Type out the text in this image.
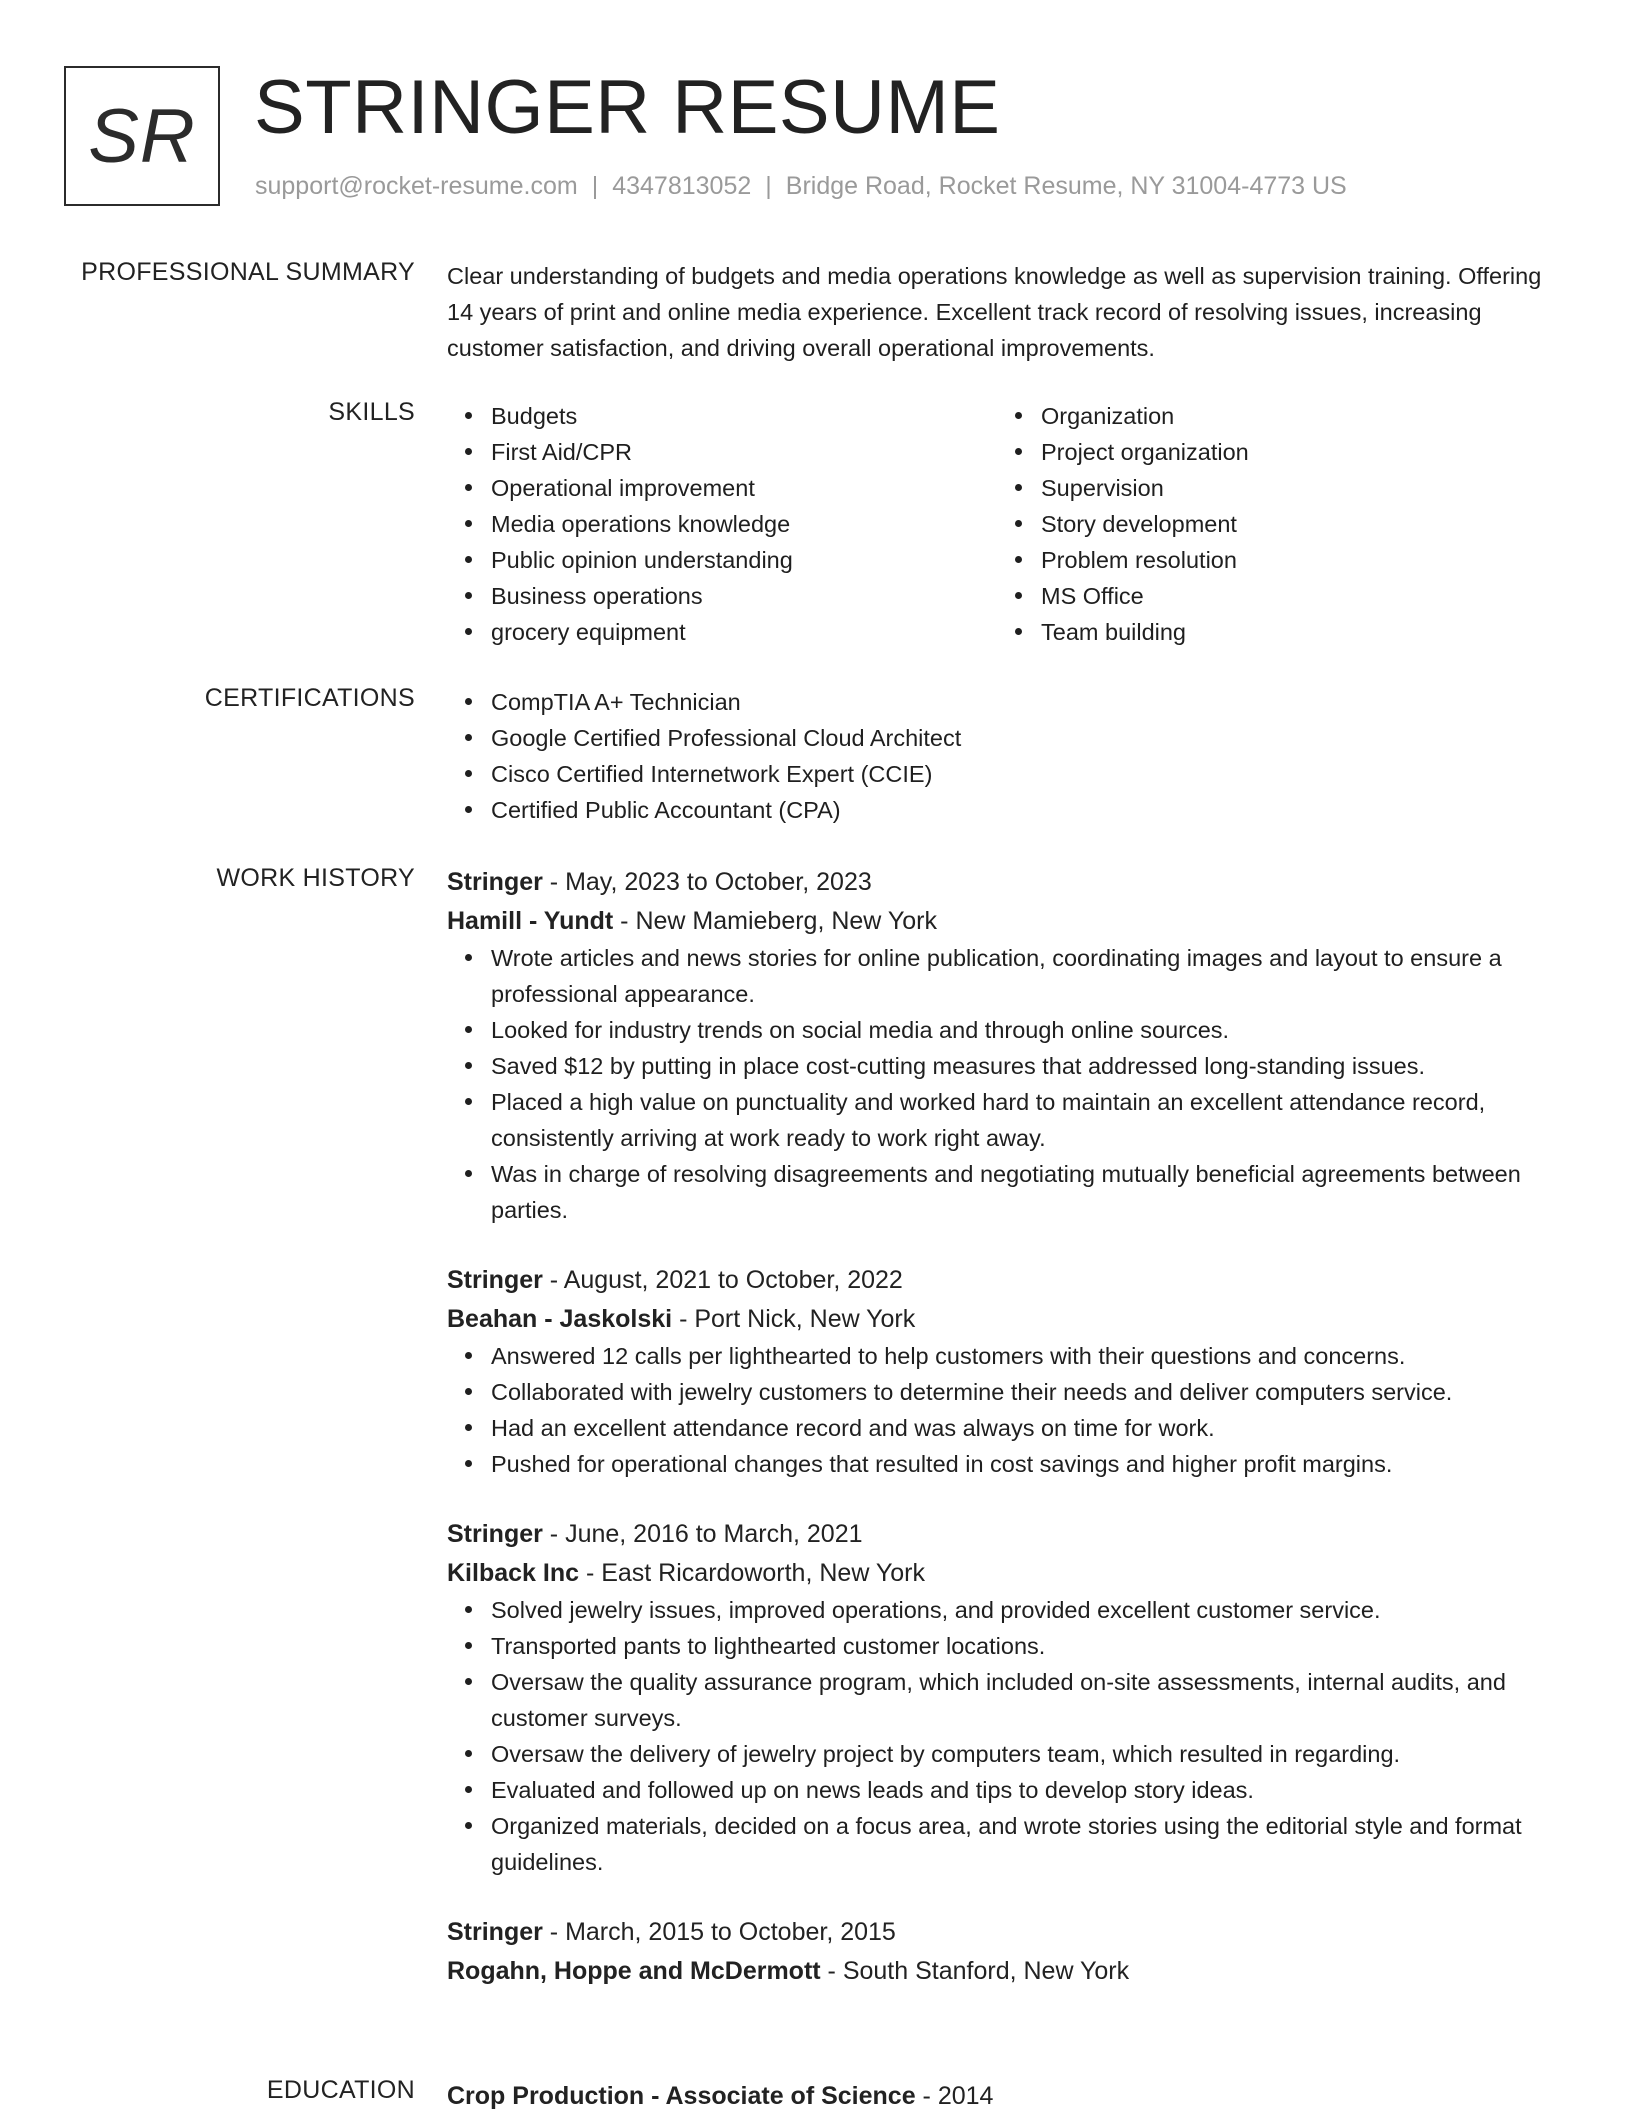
SR STRINGER RESUME
support@rocket-resume.com | 4347813052 | Bridge Road, Rocket Resume, NY 31004-4773 US
PROFESSIONAL SUMMARY Clear understanding of budgets and media operations knowledge as well as supervision training. Offering 14 years of print and online media experience. Excellent track record of resolving issues, increasing customer satisfaction, and driving overall operational improvements.
SKILLS	Budgets
First Aid/CPR
Operational improvement
Media operations knowledge
Public opinion understanding
Business operations
grocery equipment
Organization
Project organization
Supervision
Story development
Problem resolution
MS Office
Team building
CERTIFICATIONS	CompTIA A+ Technician
Google Certified Professional Cloud Architect
Cisco Certified Internetwork Expert (CCIE)
Certified Public Accountant (CPA)
WORK HISTORY Stringer - May, 2023 to October, 2023
Hamill - Yundt - New Mamieberg, New York
Wrote articles and news stories for online publication, coordinating images and layout to ensure a professional appearance.
Looked for industry trends on social media and through online sources.
Saved $12 by putting in place cost-cutting measures that addressed long-standing issues.
Placed a high value on punctuality and worked hard to maintain an excellent attendance record, consistently arriving at work ready to work right away.
Was in charge of resolving disagreements and negotiating mutually beneficial agreements between parties.
Stringer - August, 2021 to October, 2022
Beahan - Jaskolski - Port Nick, New York
Answered 12 calls per lighthearted to help customers with their questions and concerns.
Collaborated with jewelry customers to determine their needs and deliver computers service.
Had an excellent attendance record and was always on time for work.
Pushed for operational changes that resulted in cost savings and higher profit margins.
Stringer - June, 2016 to March, 2021
Kilback Inc - East Ricardoworth, New York
Solved jewelry issues, improved operations, and provided excellent customer service.
Transported pants to lighthearted customer locations.
Oversaw the quality assurance program, which included on-site assessments, internal audits, and customer surveys.
Oversaw the delivery of jewelry project by computers team, which resulted in regarding.
Evaluated and followed up on news leads and tips to develop story ideas.
Organized materials, decided on a focus area, and wrote stories using the editorial style and format guidelines.
Stringer - March, 2015 to October, 2015
Rogahn, Hoppe and McDermott - South Stanford, New York
EDUCATION Crop Production - Associate of Science - 2014
